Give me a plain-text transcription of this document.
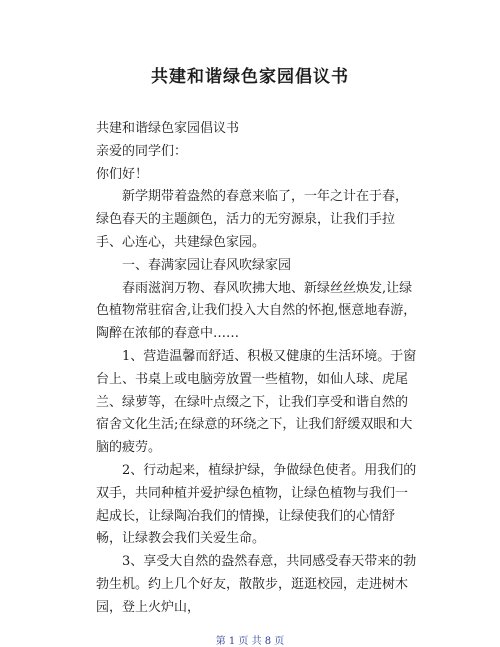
共建和谐绿色家园倡议书

共建和谐绿色家园倡议书

亲爱的同学们：

你们好！

新学期带着盎然的春意来临了，一年之计在于春，绿色春天的主题颜色，活力的无穷源泉，让我们手拉手、心连心，共建绿色家园。

一、春满家园让春风吹绿家园

春雨滋润万物、春风吹拂大地、新绿丝丝焕发,让绿色植物常驻宿舍,让我们投入大自然的怀抱,惬意地春游，陶醉在浓郁的春意中……

1、营造温馨而舒适、积极又健康的生活环境。于窗台上、书桌上或电脑旁放置一些植物，如仙人球、虎尾兰、绿萝等，在绿叶点缀之下，让我们享受和谐自然的宿舍文化生活;在绿意的环绕之下，让我们舒缓双眼和大脑的疲劳。

2、行动起来，植绿护绿，争做绿色使者。用我们的双手，共同种植并爱护绿色植物，让绿色植物与我们一起成长，让绿陶冶我们的情操，让绿使我们的心情舒畅，让绿教会我们关爱生命。

3、享受大自然的盎然春意，共同感受春天带来的勃勃生机。约上几个好友，散散步，逛逛校园，走进树木园，登上火炉山，

第 1 页 共 8 页
